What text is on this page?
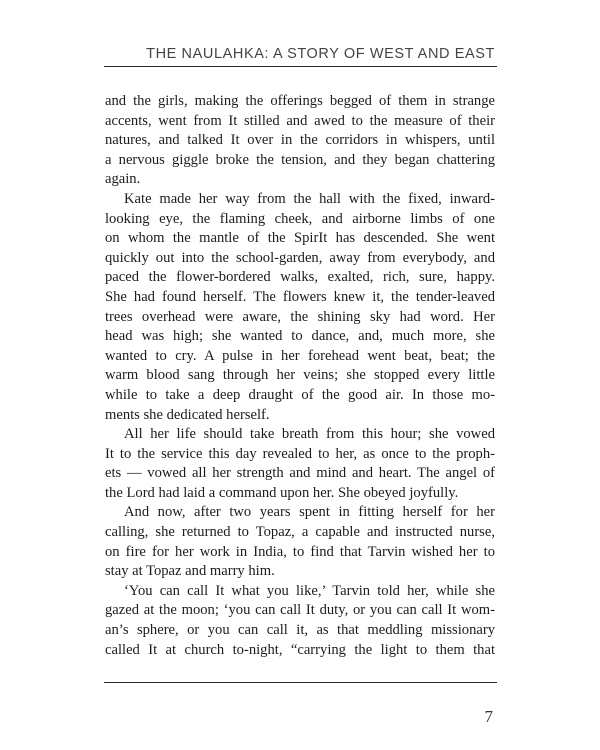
THE NAULAHKA: A STORY OF WEST AND EAST
and the girls, making the offerings begged of them in strange
accents, went from It stilled and awed to the measure of their
natures, and talked It over in the corridors in whispers, until
a nervous giggle broke the tension, and they began chattering
again.
Kate made her way from the hall with the fixed, inward-
looking eye, the flaming cheek, and airborne limbs of one
on whom the mantle of the SpirIt has descended. She went
quickly out into the school-garden, away from everybody, and
paced the flower-bordered walks, exalted, rich, sure, happy.
She had found herself. The flowers knew it, the tender-leaved
trees overhead were aware, the shining sky had word. Her
head was high; she wanted to dance, and, much more, she
wanted to cry. A pulse in her forehead went beat, beat; the
warm blood sang through her veins; she stopped every little
while to take a deep draught of the good air. In those mo-
ments she dedicated herself.
All her life should take breath from this hour; she vowed
It to the service this day revealed to her, as once to the proph-
ets — vowed all her strength and mind and heart. The angel of
the Lord had laid a command upon her. She obeyed joyfully.
And now, after two years spent in fitting herself for her
calling, she returned to Topaz, a capable and instructed nurse,
on fire for her work in India, to find that Tarvin wished her to
stay at Topaz and marry him.
‘You can call It what you like,’ Tarvin told her, while she
gazed at the moon; ‘you can call It duty, or you can call It wom-
an’s sphere, or you can call it, as that meddling missionary
called It at church to-night, “carrying the light to them that
7
